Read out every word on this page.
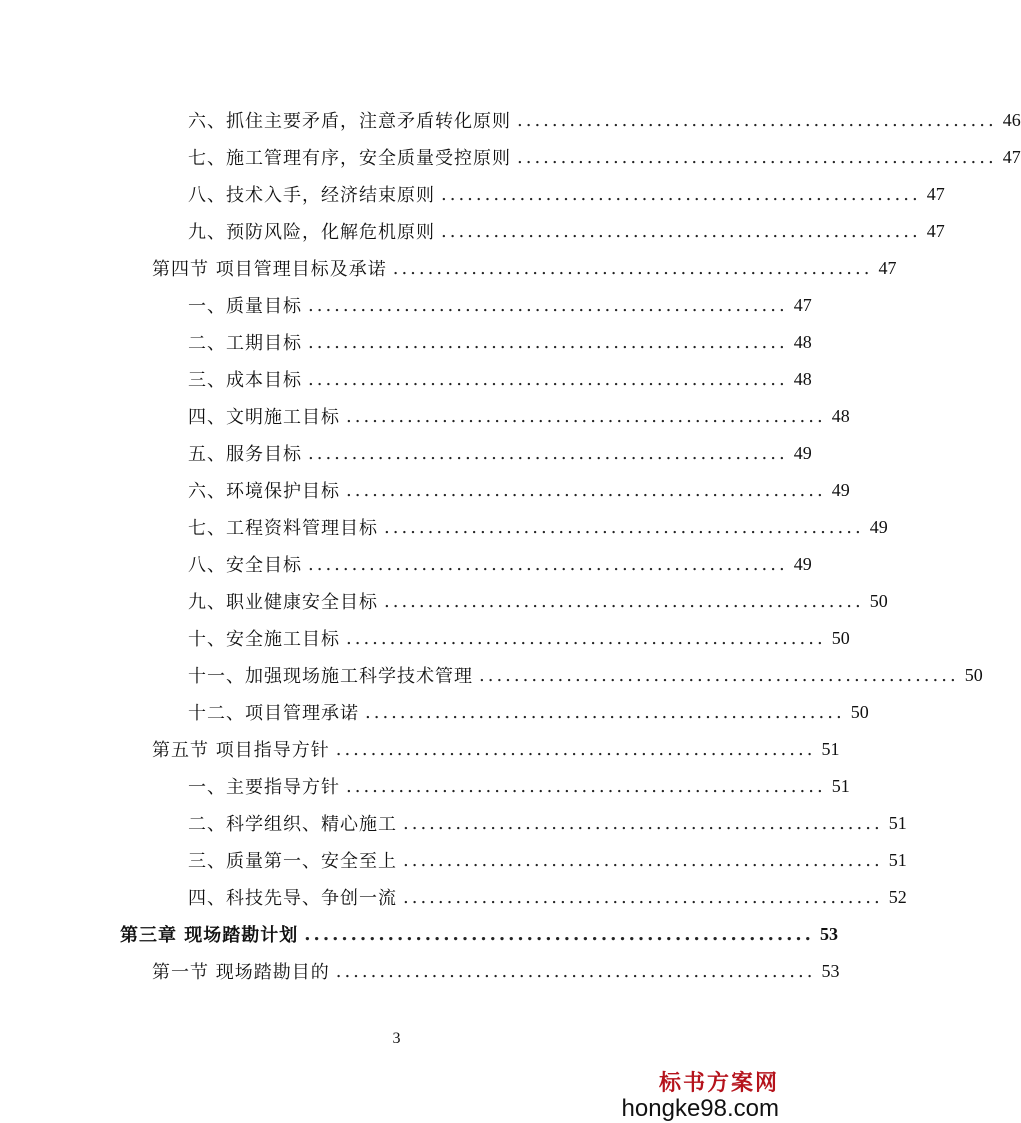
六、抓住主要矛盾，注意矛盾转化原则 ....................................................... 46
七、施工管理有序，安全质量受控原则 ....................................................... 47
八、技术入手，经济结束原则 ....................................................... 47
九、预防风险，化解危机原则 ....................................................... 47
第四节 项目管理目标及承诺 ....................................................... 47
一、质量目标 ....................................................... 47
二、工期目标 ....................................................... 48
三、成本目标 ....................................................... 48
四、文明施工目标 ....................................................... 48
五、服务目标 ....................................................... 49
六、环境保护目标 ....................................................... 49
七、工程资料管理目标 ....................................................... 49
八、安全目标 ....................................................... 49
九、职业健康安全目标 ....................................................... 50
十、安全施工目标 ....................................................... 50
十一、加强现场施工科学技术管理 ....................................................... 50
十二、项目管理承诺 ....................................................... 50
第五节 项目指导方针 ....................................................... 51
一、主要指导方针 ....................................................... 51
二、科学组织、精心施工 ....................................................... 51
三、质量第一、安全至上 ....................................................... 51
四、科技先导、争创一流 ....................................................... 52
第三章 现场踏勘计划 ....................................................... 53
第一节 现场踏勘目的 ....................................................... 53
3
标书方案网
hongke98.com
